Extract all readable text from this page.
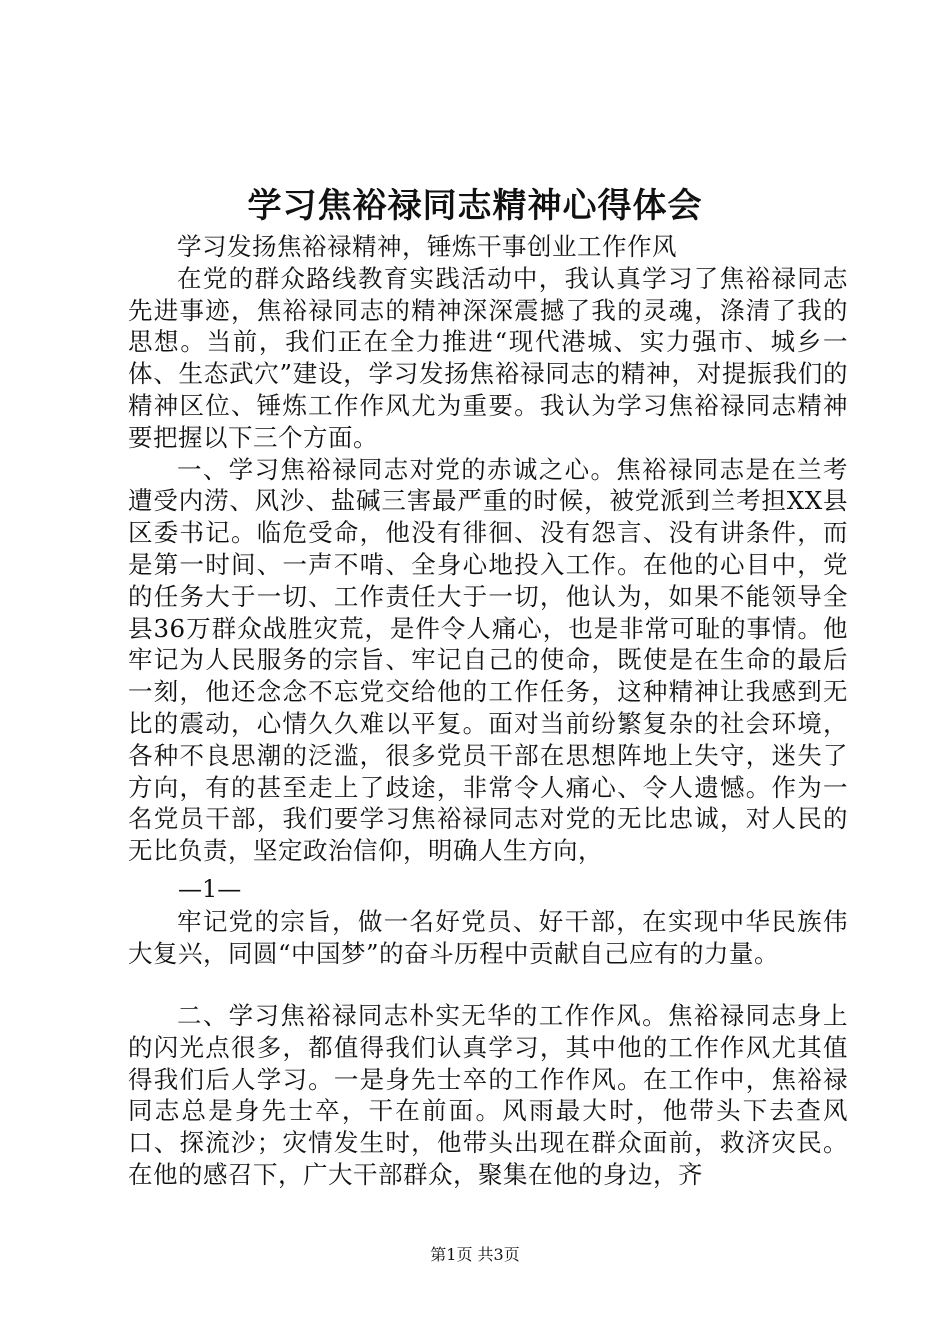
学习焦裕禄同志精神心得体会

学习发扬焦裕禄精神，锤炼干事创业工作作风

在党的群众路线教育实践活动中，我认真学习了焦裕禄同志先进事迹，焦裕禄同志的精神深深震撼了我的灵魂，涤清了我的思想。当前，我们正在全力推进“现代港城、实力强市、城乡一体、生态武穴”建设，学习发扬焦裕禄同志的精神，对提振我们的精神区位、锤炼工作作风尤为重要。我认为学习焦裕禄同志精神要把握以下三个方面。

一、学习焦裕禄同志对党的赤诚之心。焦裕禄同志是在兰考遭受内涝、风沙、盐碱三害最严重的时候，被党派到兰考担XX县区委书记。临危受命，他没有徘徊、没有怨言、没有讲条件，而是第一时间、一声不啃、全身心地投入工作。在他的心目中，党的任务大于一切、工作责任大于一切，他认为，如果不能领导全县36万群众战胜灾荒，是件令人痛心，也是非常可耻的事情。他牢记为人民服务的宗旨、牢记自己的使命，既使是在生命的最后一刻，他还念念不忘党交给他的工作任务，这种精神让我感到无比的震动，心情久久难以平复。面对当前纷繁复杂的社会环境，各种不良思潮的泛滥，很多党员干部在思想阵地上失守，迷失了方向，有的甚至走上了歧途，非常令人痛心、令人遗憾。作为一名党员干部，我们要学习焦裕禄同志对党的无比忠诚，对人民的无比负责，坚定政治信仰，明确人生方向，

—1—

牢记党的宗旨，做一名好党员、好干部，在实现中华民族伟大复兴，同圆“中国梦”的奋斗历程中贡献自己应有的力量。

二、学习焦裕禄同志朴实无华的工作作风。焦裕禄同志身上的闪光点很多，都值得我们认真学习，其中他的工作作风尤其值得我们后人学习。一是身先士卒的工作作风。在工作中，焦裕禄同志总是身先士卒，干在前面。风雨最大时，他带头下去查风口、探流沙；灾情发生时，他带头出现在群众面前，救济灾民。在他的感召下，广大干部群众，聚集在他的身边，齐

第1页 共3页
